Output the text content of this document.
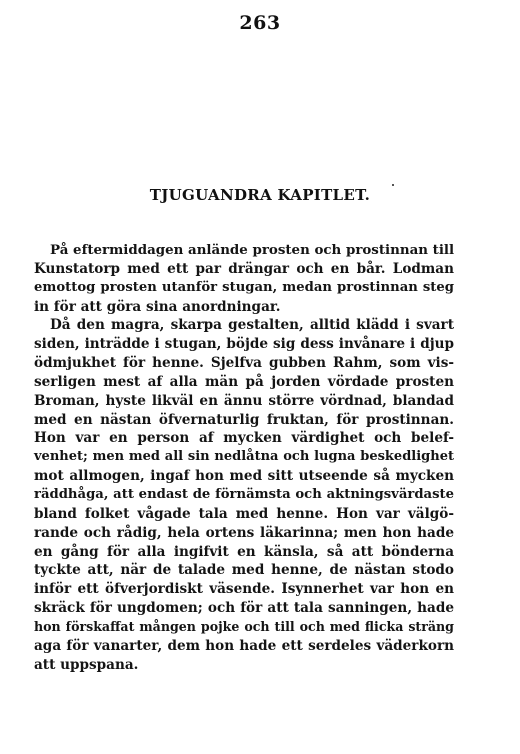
263
TJUGUANDRA KAPITLET.
På eftermiddagen anlände prosten och prostinnan till
Kunstatorp med ett par drängar och en bår. Lodman
emottog prosten utanför stugan, medan prostinnan steg
in för att göra sina anordningar.
Då den magra, skarpa gestalten, alltid klädd i svart
siden, inträdde i stugan, böjde sig dess invånare i djup
ödmjukhet för henne. Sjelfva gubben Rahm, som vis-
serligen mest af alla män på jorden vördade prosten
Broman, hyste likväl en ännu större vördnad, blandad
med en nästan öfvernaturlig fruktan, för prostinnan.
Hon var en person af mycken värdighet och belef-
venhet; men med all sin nedlåtna och lugna beskedlighet
mot allmogen, ingaf hon med sitt utseende så mycken
räddhåga, att endast de förnämsta och aktningsvärdaste
bland folket vågade tala med henne. Hon var välgö-
rande och rådig, hela ortens läkarinna; men hon hade
en gång för alla ingifvit en känsla, så att bönderna
tyckte att, när de talade med henne, de nästan stodo
inför ett öfverjordiskt väsende. Isynnerhet var hon en
skräck för ungdomen; och för att tala sanningen, hade
hon förskaffat mången pojke och till och med flicka sträng
aga för vanarter, dem hon hade ett serdeles väderkorn
att uppspana.
